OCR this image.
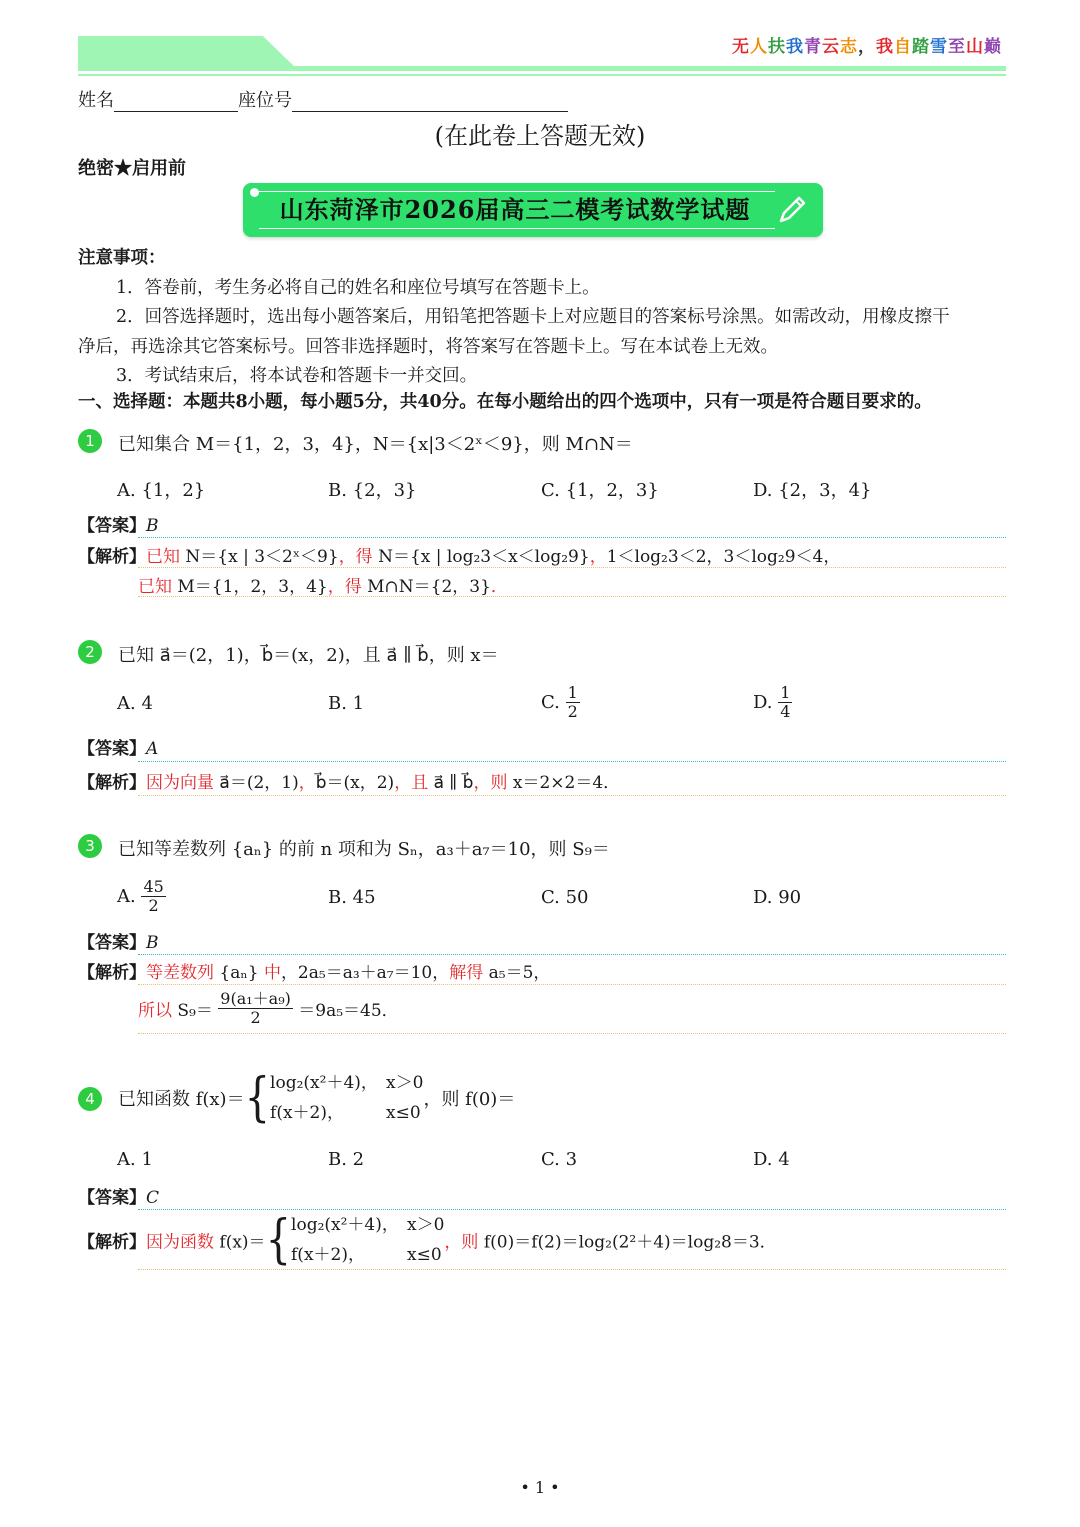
无人扶我青云志，我自踏雪至山巅
姓名	座位号
(在此卷上答题无效)
绝密★启用前
山东菏泽市2026届高三二模考试数学试题

注意事项：

1．答卷前，考生务必将自己的姓名和座位号填写在答题卡上。

2．回答选择题时，选出每小题答案后，用铅笔把答题卡上对应题目的答案标号涂黑。如需改动，用橡皮擦干

净后，再选涂其它答案标号。回答非选择题时，将答案写在答题卡上。写在本试卷上无效。

3．考试结束后，将本试卷和答题卡一并交回。

一、选择题：本题共8小题，每小题5分，共40分。在每小题给出的四个选项中，只有一项是符合题目要求的。
1	已知集合 M＝{1，2，3，4}，N＝{x|3＜2ˣ＜9}，则 M∩N＝
A. {1，2}	B. {2，3}	C. {1，2，3}	D. {2，3，4}
【答案】B
【解析】已知 N＝{x | 3＜2ˣ＜9}，得 N＝{x | log₂3＜x＜log₂9}，1＜log₂3＜2，3＜log₂9＜4，
已知 M＝{1，2，3，4}，得 M∩N＝{2，3}．
2	已知 a⃗＝(2，1)，b⃗＝(x，2)，且 a⃗ ∥ b⃗，则 x＝
A. 4	B. 1	C. $\frac{1}{2}$	D. $\frac{1}{4}$
【答案】A
【解析】因为向量 a⃗＝(2，1)，b⃗＝(x，2)，且 a⃗ ∥ b⃗，则 x＝2×2＝4．
3	已知等差数列 {aₙ} 的前 n 项和为 Sₙ，a₃＋a₇＝10，则 S₉＝
A. $\frac{45}{2}$	B. 45	C. 50	D. 90
【答案】B
【解析】等差数列 {aₙ} 中，2a₅＝a₃＋a₇＝10，解得 a₅＝5，
所以 $S_9= \frac{\text{9(a₁＋a₉)}}{2} =9a_5=45$．
4	已知函数 f(x)＝{log₂(x²＋4)， x＞0
f(x＋2)， x≤0，则 f(0)＝
A. 1	B. 2	C. 3	D. 4
【答案】C
【解析】因为函数 f(x)＝{log₂(x²＋4)， x＞0
f(x＋2)， x≤0，则 f(0)＝f(2)＝log₂(2²＋4)＝log₂8＝3．
• 1 •
